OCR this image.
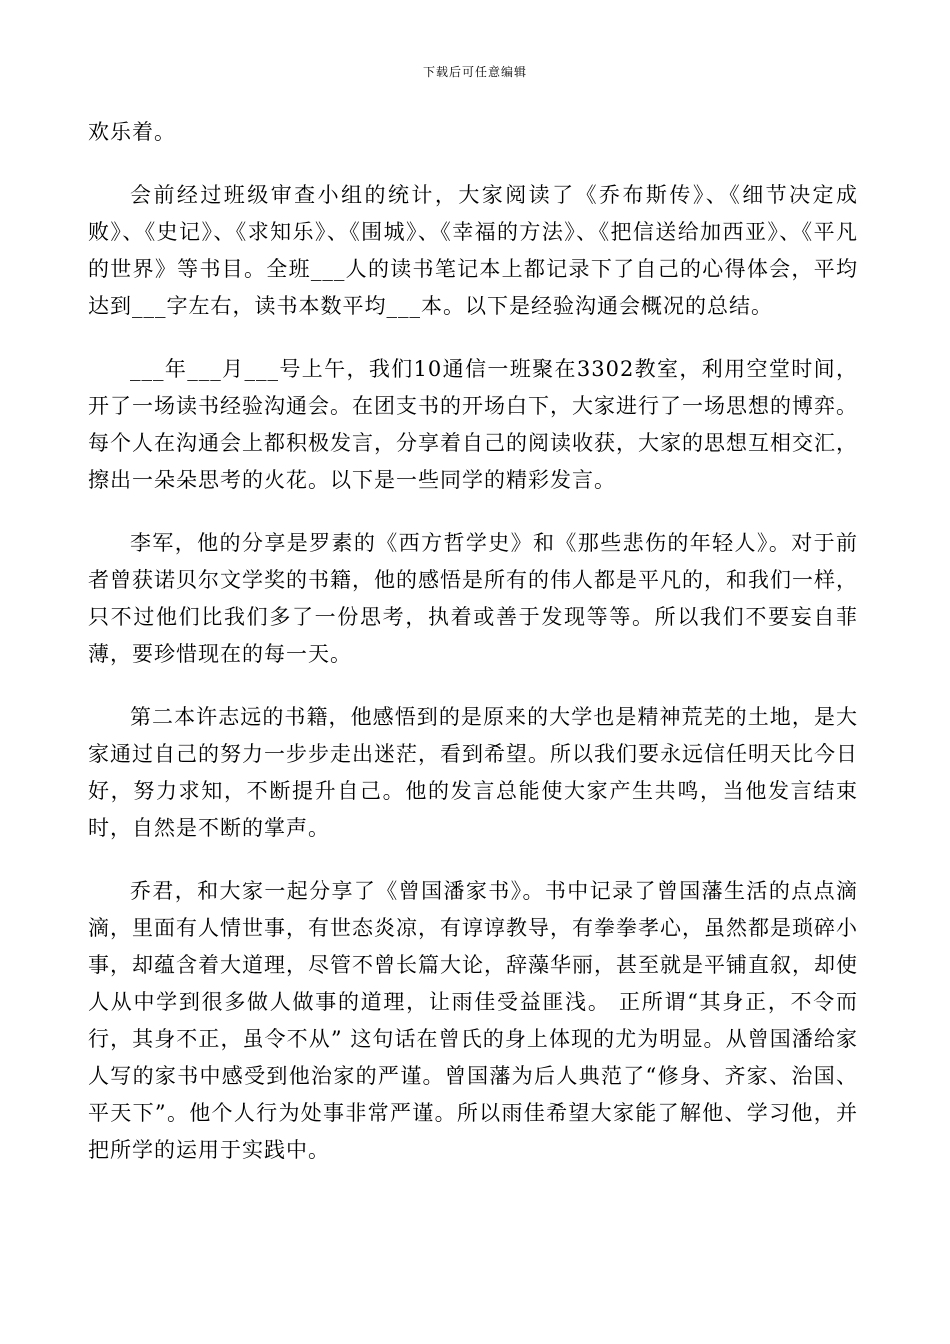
下载后可任意编辑

欢乐着。

会前经过班级审查小组的统计，大家阅读了《乔布斯传》、《细节决定成败》、《史记》、《求知乐》、《围城》、《幸福的方法》、《把信送给加西亚》、《平凡的世界》等书目。全班___人的读书笔记本上都记录下了自己的心得体会，平均达到___字左右，读书本数平均___本。以下是经验沟通会概况的总结。

___年___月___号上午，我们10通信一班聚在3302教室，利用空堂时间，开了一场读书经验沟通会。在团支书的开场白下，大家进行了一场思想的博弈。每个人在沟通会上都积极发言，分享着自己的阅读收获，大家的思想互相交汇，擦出一朵朵思考的火花。以下是一些同学的精彩发言。

李军，他的分享是罗素的《西方哲学史》和《那些悲伤的年轻人》。对于前者曾获诺贝尔文学奖的书籍，他的感悟是所有的伟人都是平凡的，和我们一样，只不过他们比我们多了一份思考，执着或善于发现等等。所以我们不要妄自菲薄，要珍惜现在的每一天。

第二本许志远的书籍，他感悟到的是原来的大学也是精神荒芜的土地，是大家通过自己的努力一步步走出迷茫，看到希望。所以我们要永远信任明天比今日好，努力求知，不断提升自己。他的发言总能使大家产生共鸣，当他发言结束时，自然是不断的掌声。

乔君，和大家一起分享了《曾国潘家书》。书中记录了曾国藩生活的点点滴滴，里面有人情世事，有世态炎凉，有谆谆教导，有拳拳孝心，虽然都是琐碎小事，却蕴含着大道理，尽管不曾长篇大论，辞藻华丽，甚至就是平铺直叙，却使人从中学到很多做人做事的道理，让雨佳受益匪浅。 正所谓“其身正，不令而行，其身不正，虽令不从” 这句话在曾氏的身上体现的尤为明显。从曾国潘给家人写的家书中感受到他治家的严谨。曾国藩为后人典范了“修身、齐家、治国、平天下”。他个人行为处事非常严谨。所以雨佳希望大家能了解他、学习他，并把所学的运用于实践中。
